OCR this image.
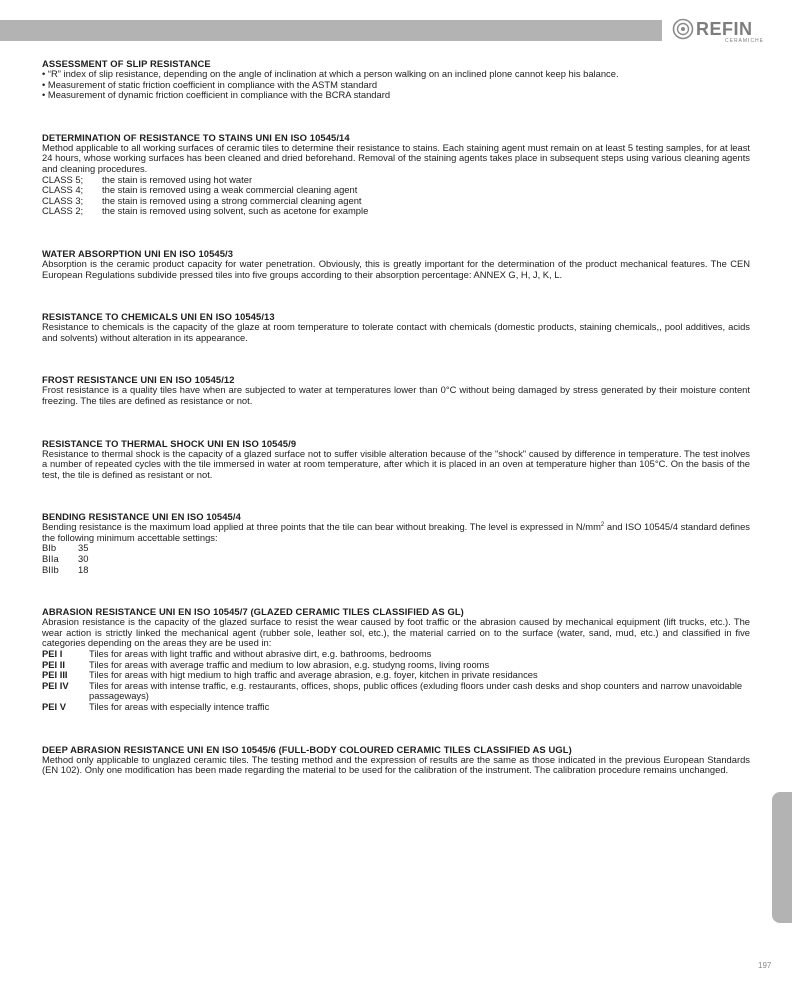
REFIN
CERAMICHE
ASSESSMENT OF SLIP RESISTANCE
• “R” index of slip resistance, depending on the angle of inclination at which a person walking on an inclined plone cannot keep his balance.
• Measurement of static friction coefficient in compliance with the ASTM standard
• Measurement of dynamic friction coefficient in compliance with the BCRA standard
DETERMINATION OF RESISTANCE TO STAINS UNI EN ISO 10545/14

Method applicable to all working surfaces of ceramic tiles to determine their resistance to stains. Each staining agent must remain on at least 5 testing samples, for at least 24 hours, whose working surfaces has been cleaned and dried beforehand. Removal of the staining agents takes place in subsequent steps using various cleaning agents and cleaning procedures.

CLASS 5;	the stain is removed using hot water
CLASS 4;	the stain is removed using a weak commercial cleaning agent
CLASS 3;	the stain is removed using a strong commercial cleaning agent
CLASS 2;	the stain is removed using solvent, such as acetone for example
WATER ABSORPTION UNI EN ISO 10545/3

Absorption is the ceramic product capacity for water penetration. Obviously, this is greatly important for the determination of the product mechanical features. The CEN European Regulations subdivide pressed tiles into five groups according to their absorption percentage: ANNEX G, H, J, K, L.

RESISTANCE TO CHEMICALS UNI EN ISO 10545/13

Resistance to chemicals is the capacity of the glaze at room temperature to tolerate contact with chemicals (domestic products, staining chemicals,, pool additives, acids and solvents) without alteration in its appearance.

FROST RESISTANCE UNI EN ISO 10545/12

Frost resistance is a quality tiles have when are subjected to water at temperatures lower than 0°C without being damaged by stress generated by their moisture content freezing. The tiles are defined as resistance or not.

RESISTANCE TO THERMAL SHOCK UNI EN ISO 10545/9

Resistance to thermal shock is the capacity of a glazed surface not to suffer visible alteration because of the "shock" caused by difference in temperature. The test inolves a number of repeated cycles with the tile immersed in water at room temperature, after which it is placed in an oven at temperature higher than 105°C. On the basis of the test, the tile is defined as resistant or not.

BENDING RESISTANCE UNI EN ISO 10545/4

Bending resistance is the maximum load applied at three points that the tile can bear without breaking. The level is expressed in $N/mm^2$ and ISO 10545/4 standard defines the following minimum accettable settings:

BIb	35
BIIa	30
BIIb	18
ABRASION RESISTANCE UNI EN ISO 10545/7 (GLAZED CERAMIC TILES CLASSIFIED AS GL)

Abrasion resistance is the capacity of the glazed surface to resist the wear caused by foot traffic or the abrasion caused by mechanical equipment (lift trucks, etc.). The wear action is strictly linked the mechanical agent (rubber sole, leather sol, etc.), the material carried on to the surface (water, sand, mud, etc.) and classified in five categories depending on the areas they are be used in:

PEI I	Tiles for areas with light traffic and without abrasive dirt, e.g. bathrooms, bedrooms
PEI II	Tiles for areas with average traffic and medium to low abrasion, e.g. studyng rooms, living rooms
PEI III	Tiles for areas with higt medium to high traffic and average abrasion, e.g. foyer, kitchen in private residances
PEI IV	Tiles for areas with intense traffic, e.g. restaurants, offices, shops, public offices (exluding floors under cash desks and shop counters and narrow unavoidable passageways)
PEI V	Tiles for areas with especially intence traffic
DEEP ABRASION RESISTANCE UNI EN ISO 10545/6 (FULL-BODY COLOURED CERAMIC TILES CLASSIFIED AS UGL)

Method only applicable to unglazed ceramic tiles. The testing method and the expression of results are the same as those indicated in the previous European Standards (EN 102). Only one modification has been made regarding the material to be used for the calibration of the instrument. The calibration procedure remains unchanged.

197
